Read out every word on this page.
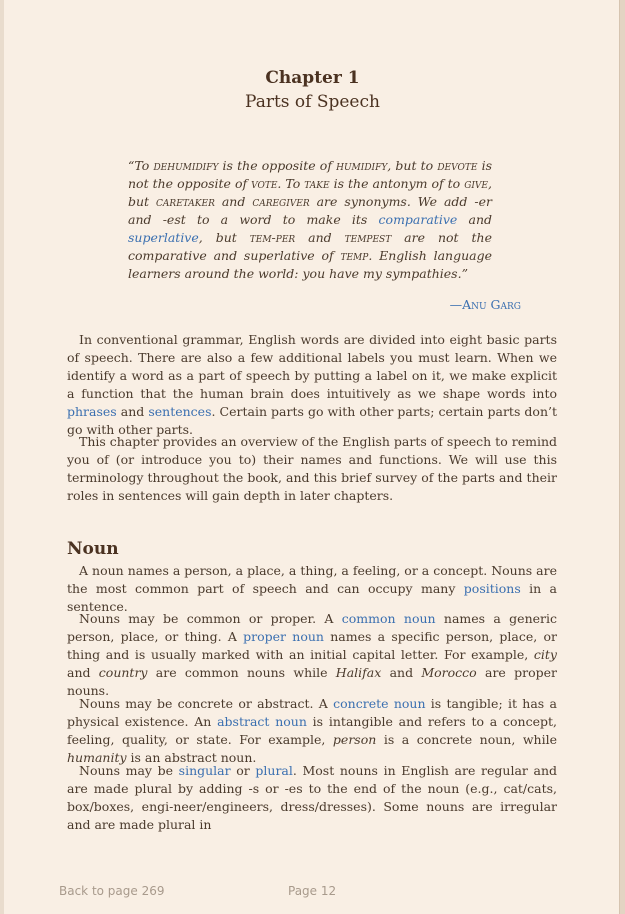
Chapter 1
Parts of Speech

“To dehumidify is the opposite of humidify, but to devote is not the opposite of vote. To take is the antonym of to give, but caretaker and caregiver are synonyms. We add -er and -est to a word to make its comparative and superlative, but tem-per and tempest are not the comparative and superlative of temp. English language learners around the world: you have my sympathies.”

—Anu Garg

In conventional grammar, English words are divided into eight basic parts of speech. There are also a few additional labels you must learn. When we identify a word as a part of speech by putting a label on it, we make explicit a function that the human brain does intuitively as we shape words into phrases and sentences. Certain parts go with other parts; certain parts don’t go with other parts.

This chapter provides an overview of the English parts of speech to remind you of (or introduce you to) their names and functions. We will use this terminology throughout the book, and this brief survey of the parts and their roles in sentences will gain depth in later chapters.

Noun

A noun names a person, a place, a thing, a feeling, or a concept. Nouns are the most common part of speech and can occupy many positions in a sentence.

Nouns may be common or proper. A common noun names a generic person, place, or thing. A proper noun names a specific person, place, or thing and is usually marked with an initial capital letter. For example, city and country are common nouns while Halifax and Morocco are proper nouns.

Nouns may be concrete or abstract. A concrete noun is tangible; it has a physical existence. An abstract noun is intangible and refers to a concept, feeling, quality, or state. For example, person is a concrete noun, while humanity is an abstract noun.

Nouns may be singular or plural. Most nouns in English are regular and are made plural by adding -s or -es to the end of the noun (e.g., cat/cats, box/boxes, engi-neer/engineers, dress/dresses). Some nouns are irregular and are made plural in

Back to page 269	Page 12
